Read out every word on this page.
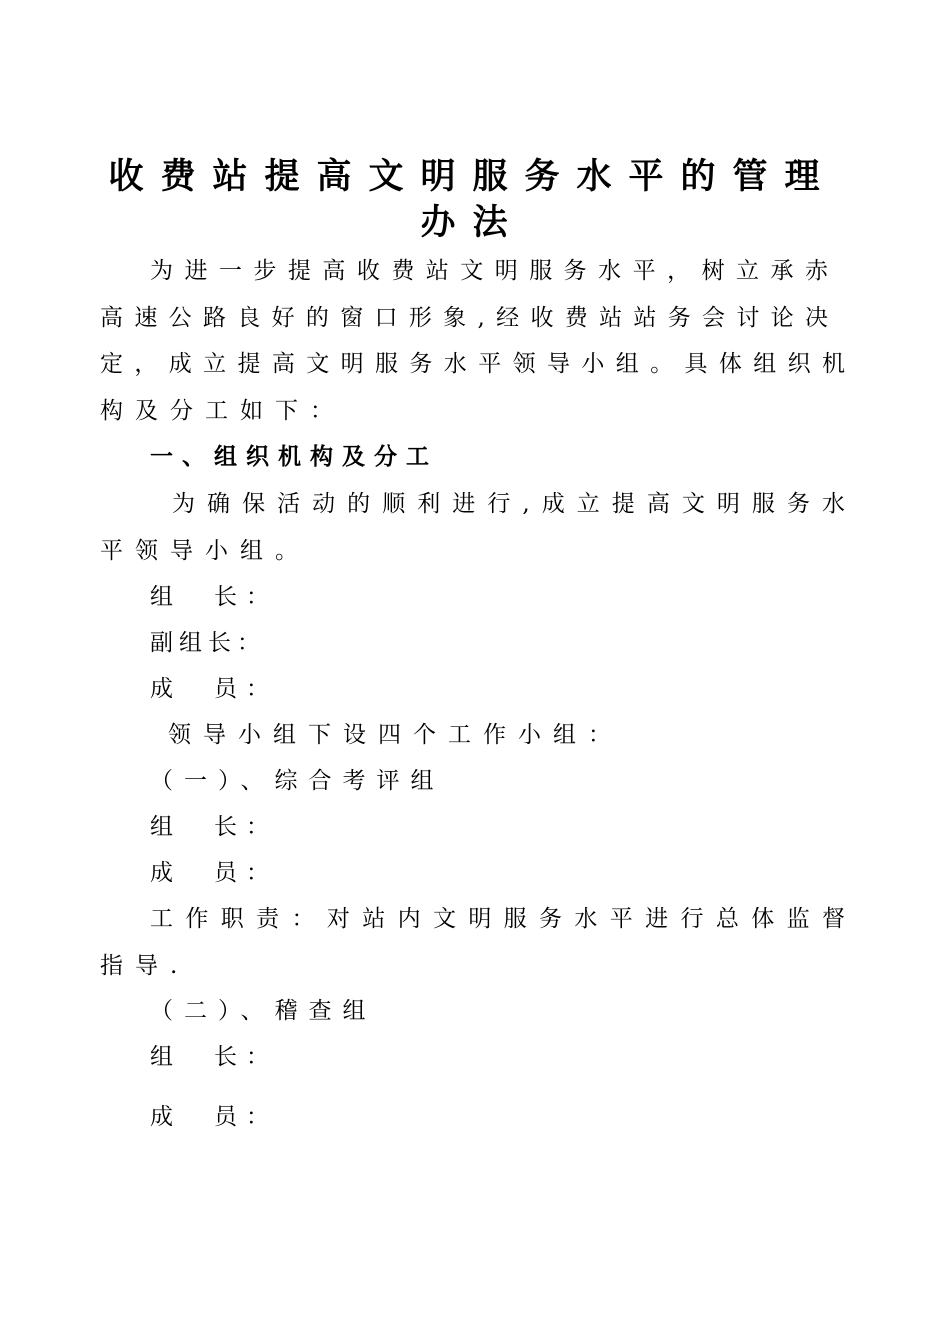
收费站提高文明服务水平的管理
办法
为进一步提高收费站文明服务水平，树立承赤
高速公路良好的窗口形象,经收费站站务会讨论决
定，成立提高文明服务水平领导小组。具体组织机
构及分工如下：
一、组织机构及分工
为确保活动的顺利进行,成立提高文明服务水
平领导小组。
组　长：
副组长：
成　员：
领导小组下设四个工作小组：
（一）、综合考评组
组　长：
成　员：
工作职责：对站内文明服务水平进行总体监督
指导.
（二）、稽查组
组　长：
成　员：
